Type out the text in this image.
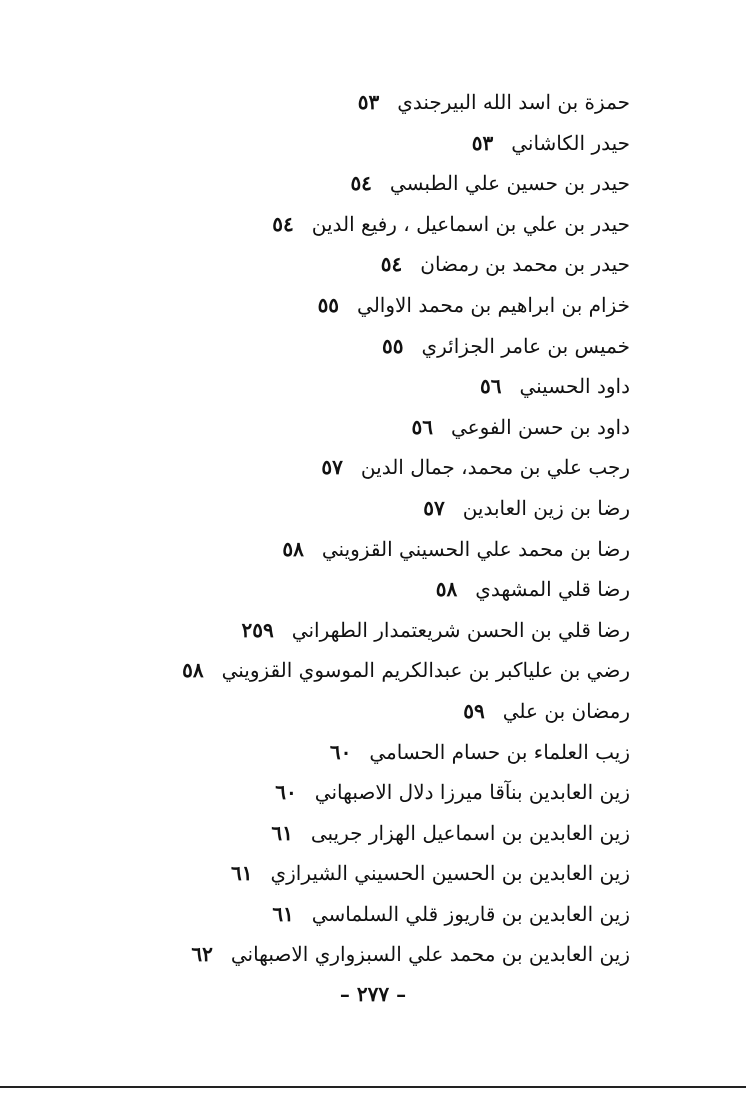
حمزة بن اسد الله البيرجندي٥٣
حيدر الكاشاني٥٣
حيدر بن حسين علي الطبسي٥٤
حيدر بن علي بن اسماعيل ، رفيع الدين٥٤
حيدر بن محمد بن رمضان٥٤
خزام بن ابراهيم بن محمد الاوالي٥٥
خميس بن عامر الجزائري٥٥
داود الحسيني٥٦
داود بن حسن الفوعي٥٦
رجب علي بن محمد، جمال الدين٥٧
رضا بن زين العابدين٥٧
رضا بن محمد علي الحسيني القزويني٥٨
رضا قلي المشهدي٥٨
رضا قلي بن الحسن شريعتمدار الطهراني٢٥٩
رضي بن علياكبر بن عبدالكريم الموسوي القزويني٥٨
رمضان بن علي٥٩
زيب العلماء بن حسام الحسامي٦٠
زين العابدين بنآقا ميرزا دلال الاصبهاني٦٠
زين العابدين بن اسماعيل الهزار جريبى٦١
زين العابدين بن الحسين الحسيني الشيرازي٦١
زين العابدين بن قاريوز قلي السلماسي٦١
زين العابدين بن محمد علي السبزواري الاصبهاني٦٢
– ٢٧٧ –
